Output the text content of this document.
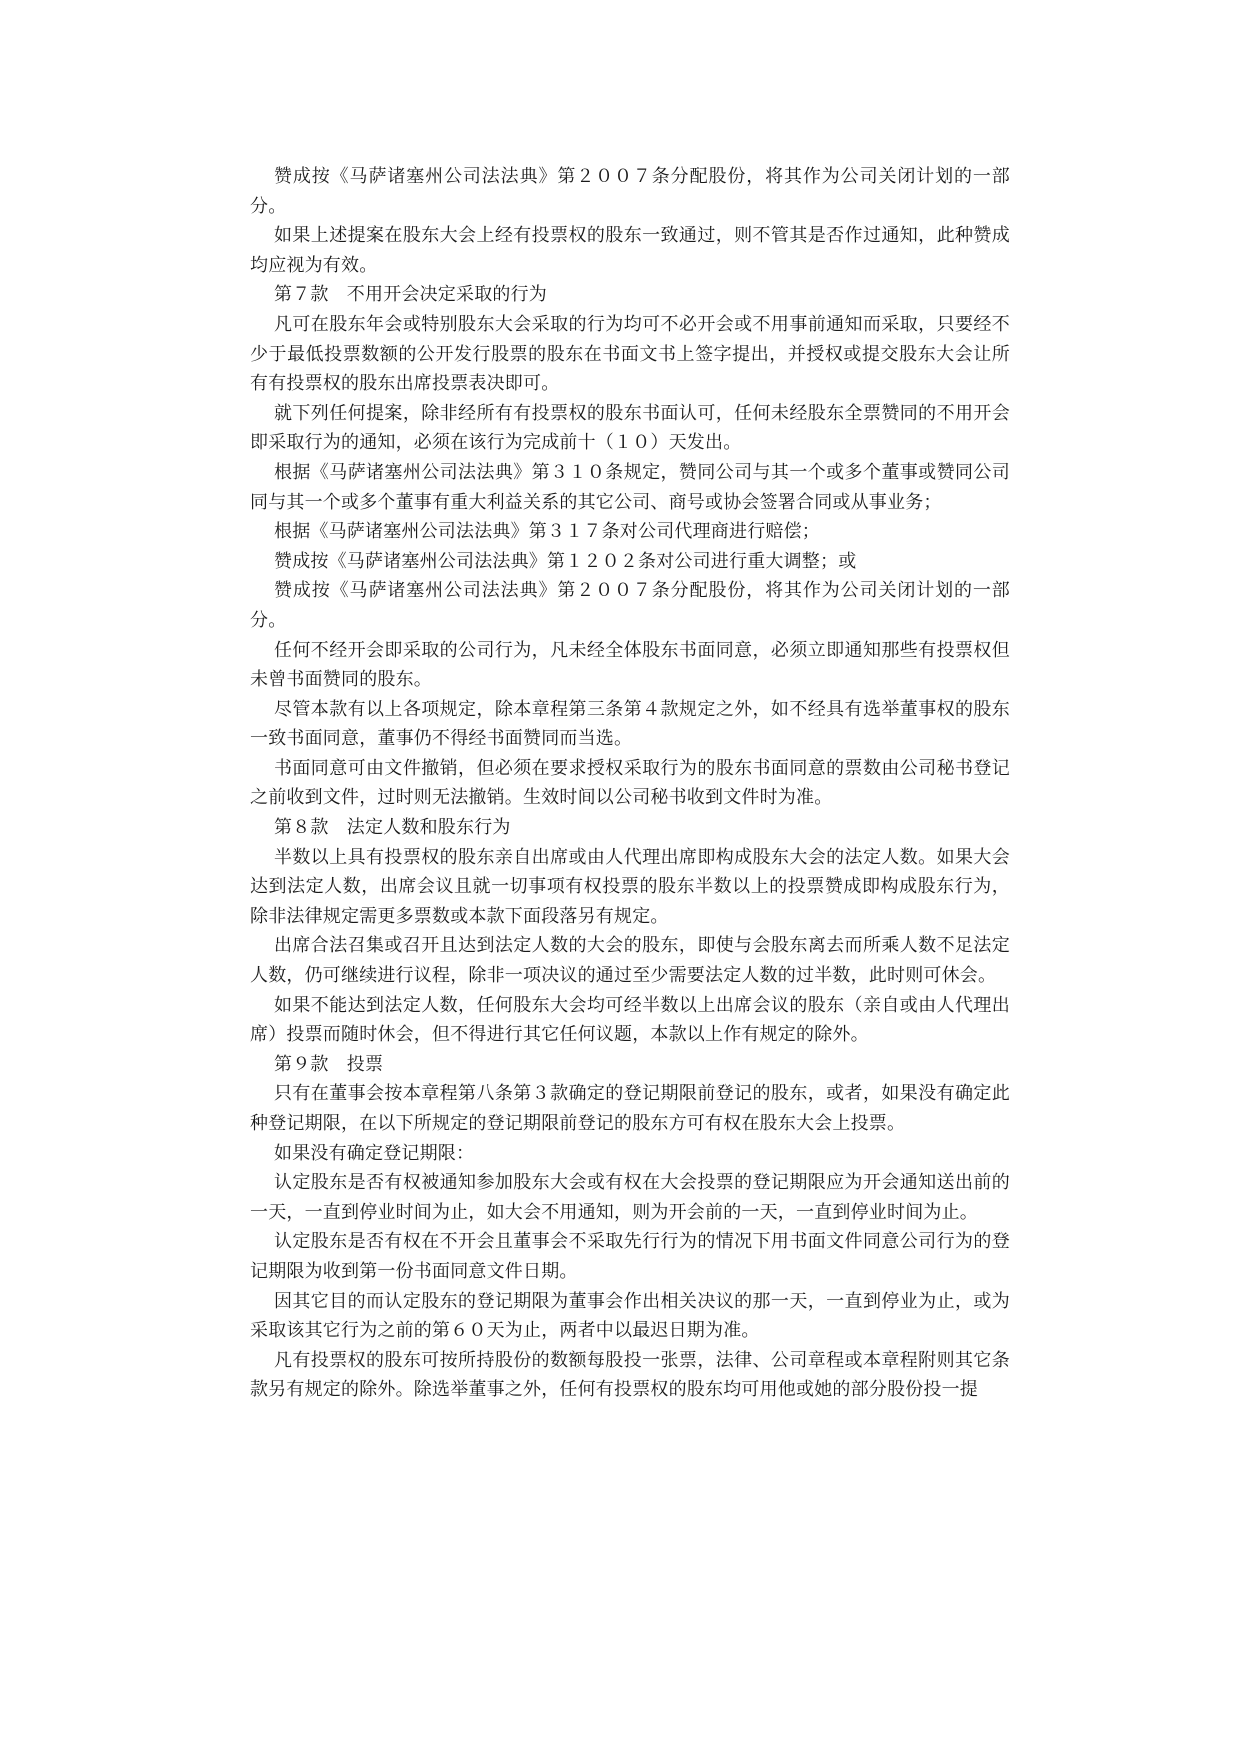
赞成按《马萨诸塞州公司法法典》第２００７条分配股份，将其作为公司关闭计划的一部分。

如果上述提案在股东大会上经有投票权的股东一致通过，则不管其是否作过通知，此种赞成均应视为有效。

第７款　不用开会决定采取的行为

凡可在股东年会或特别股东大会采取的行为均可不必开会或不用事前通知而采取，只要经不少于最低投票数额的公开发行股票的股东在书面文书上签字提出，并授权或提交股东大会让所有有投票权的股东出席投票表决即可。

就下列任何提案，除非经所有有投票权的股东书面认可，任何未经股东全票赞同的不用开会即采取行为的通知，必须在该行为完成前十（１０）天发出。

根据《马萨诸塞州公司法法典》第３１０条规定，赞同公司与其一个或多个董事或赞同公司同与其一个或多个董事有重大利益关系的其它公司、商号或协会签署合同或从事业务；

根据《马萨诸塞州公司法法典》第３１７条对公司代理商进行赔偿；

赞成按《马萨诸塞州公司法法典》第１２０２条对公司进行重大调整；或

赞成按《马萨诸塞州公司法法典》第２００７条分配股份，将其作为公司关闭计划的一部分。

任何不经开会即采取的公司行为，凡未经全体股东书面同意，必须立即通知那些有投票权但未曾书面赞同的股东。

尽管本款有以上各项规定，除本章程第三条第４款规定之外，如不经具有选举董事权的股东一致书面同意，董事仍不得经书面赞同而当选。

书面同意可由文件撤销，但必须在要求授权采取行为的股东书面同意的票数由公司秘书登记之前收到文件，过时则无法撤销。生效时间以公司秘书收到文件时为准。

第８款　法定人数和股东行为

半数以上具有投票权的股东亲自出席或由人代理出席即构成股东大会的法定人数。如果大会达到法定人数，出席会议且就一切事项有权投票的股东半数以上的投票赞成即构成股东行为，除非法律规定需更多票数或本款下面段落另有规定。

出席合法召集或召开且达到法定人数的大会的股东，即使与会股东离去而所乘人数不足法定人数，仍可继续进行议程，除非一项决议的通过至少需要法定人数的过半数，此时则可休会。

如果不能达到法定人数，任何股东大会均可经半数以上出席会议的股东（亲自或由人代理出席）投票而随时休会，但不得进行其它任何议题，本款以上作有规定的除外。

第９款　投票

只有在董事会按本章程第八条第３款确定的登记期限前登记的股东，或者，如果没有确定此种登记期限，在以下所规定的登记期限前登记的股东方可有权在股东大会上投票。

如果没有确定登记期限：

认定股东是否有权被通知参加股东大会或有权在大会投票的登记期限应为开会通知送出前的一天，一直到停业时间为止，如大会不用通知，则为开会前的一天，一直到停业时间为止。

认定股东是否有权在不开会且董事会不采取先行行为的情况下用书面文件同意公司行为的登记期限为收到第一份书面同意文件日期。

因其它目的而认定股东的登记期限为董事会作出相关决议的那一天，一直到停业为止，或为采取该其它行为之前的第６０天为止，两者中以最迟日期为准。

凡有投票权的股东可按所持股份的数额每股投一张票，法律、公司章程或本章程附则其它条款另有规定的除外。除选举董事之外，任何有投票权的股东均可用他或她的部分股份投一提
